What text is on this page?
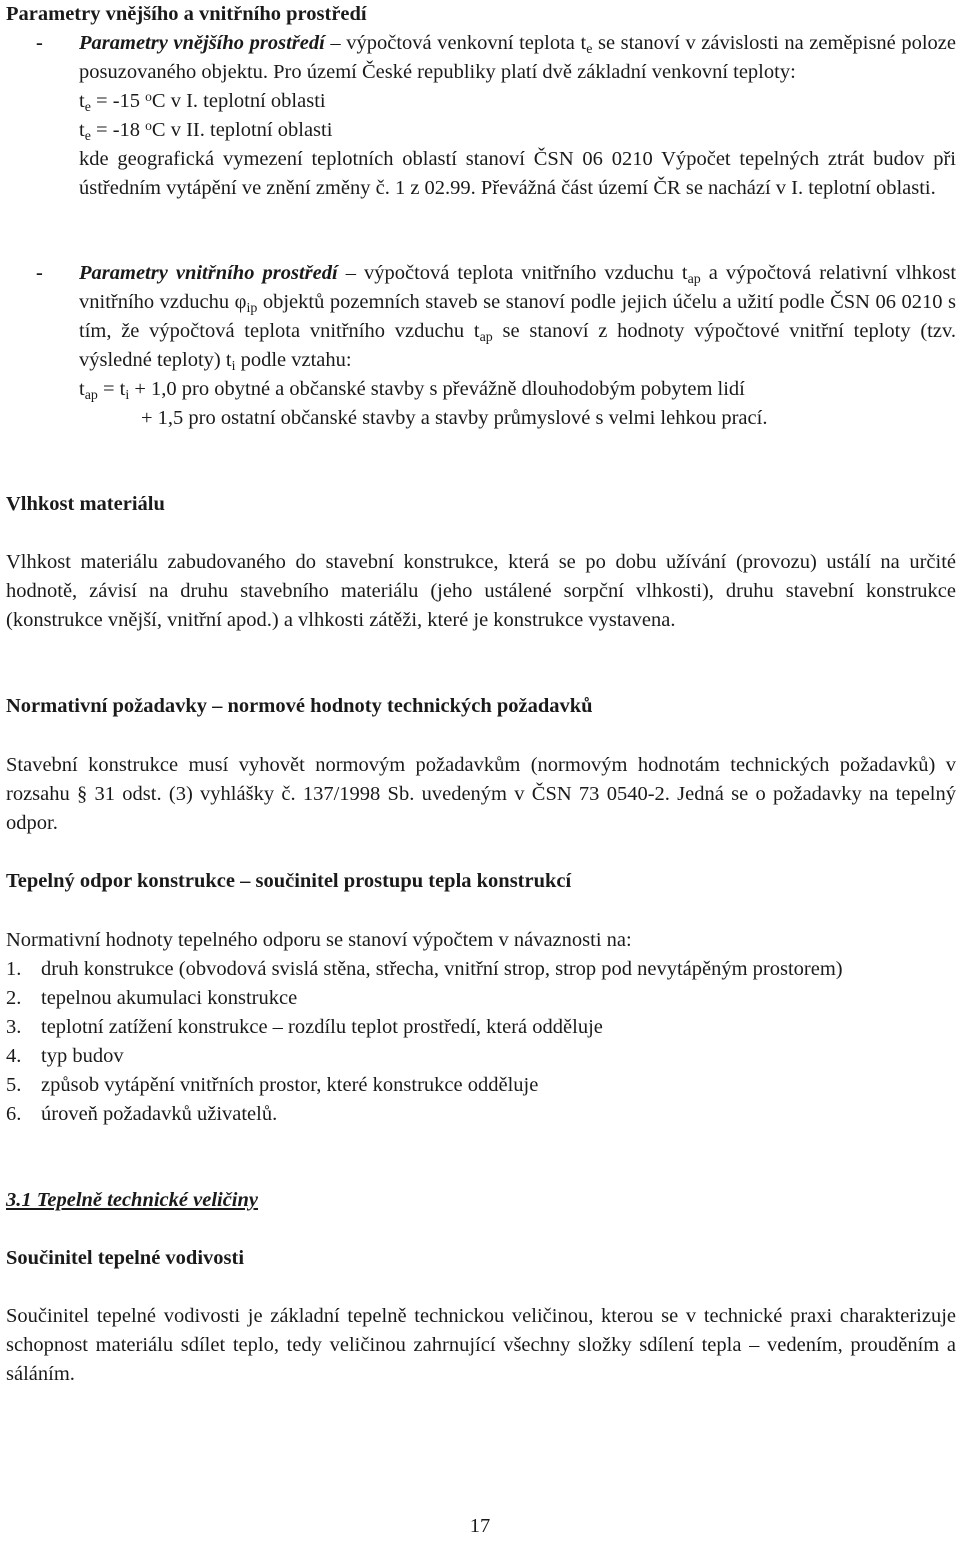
Parametry vnějšího a vnitřního prostředí

- Parametry vnějšího prostředí – výpočtová venkovní teplota $t_e$ se stanoví v závislosti na zeměpisné poloze posuzovaného objektu. Pro území České republiky platí dvě základní venkovní teploty:

$t_e = -15$ $^o$C v I. teplotní oblasti

$t_e = -18$ $^o$C v II. teplotní oblasti

kde geografická vymezení teplotních oblastí stanoví ČSN 06 0210 Výpočet tepelných ztrát budov při ústředním vytápění ve znění změny č. 1 z 02.99. Převážná část území ČR se nachází v I. teplotní oblasti.

- Parametry vnitřního prostředí – výpočtová teplota vnitřního vzduchu $t_{ap}$ a výpočtová relativní vlhkost vnitřního vzduchu $\varphi_{ip}$ objektů pozemních staveb se stanoví podle jejich účelu a užití podle ČSN 06 0210 s tím, že výpočtová teplota vnitřního vzduchu $t_{ap}$ se stanoví z hodnoty výpočtové vnitřní teploty (tzv. výsledné teploty) $t_i$ podle vztahu:

$t_{ap} = t_i + 1,0$ pro obytné a občanské stavby s převážně dlouhodobým pobytem lidí

+ 1,5 pro ostatní občanské stavby a stavby průmyslové s velmi lehkou prací.

Vlhkost materiálu

Vlhkost materiálu zabudovaného do stavební konstrukce, která se po dobu užívání (provozu) ustálí na určité hodnotě, závisí na druhu stavebního materiálu (jeho ustálené sorpční vlhkosti), druhu stavební konstrukce (konstrukce vnější, vnitřní apod.) a vlhkosti zátěži, které je konstrukce vystavena.

Normativní požadavky – normové hodnoty technických požadavků

Stavební konstrukce musí vyhovět normovým požadavkům (normovým hodnotám technických požadavků) v rozsahu § 31 odst. (3) vyhlášky č. 137/1998 Sb. uvedeným v ČSN 73 0540-2. Jedná se o požadavky na tepelný odpor.

Tepelný odpor konstrukce – součinitel prostupu tepla konstrukcí

Normativní hodnoty tepelného odporu se stanoví výpočtem v návaznosti na:

1. druh konstrukce (obvodová svislá stěna, střecha, vnitřní strop, strop pod nevytápěným prostorem)

2. tepelnou akumulaci konstrukce

3. teplotní zatížení konstrukce – rozdílu teplot prostředí, která odděluje

4. typ budov

5. způsob vytápění vnitřních prostor, které konstrukce odděluje

6. úroveň požadavků uživatelů.

3.1 Tepelně technické veličiny

Součinitel tepelné vodivosti

Součinitel tepelné vodivosti je základní tepelně technickou veličinou, kterou se v technické praxi charakterizuje schopnost materiálu sdílet teplo, tedy veličinou zahrnující všechny složky sdílení tepla – vedením, prouděním a sáláním.

17
